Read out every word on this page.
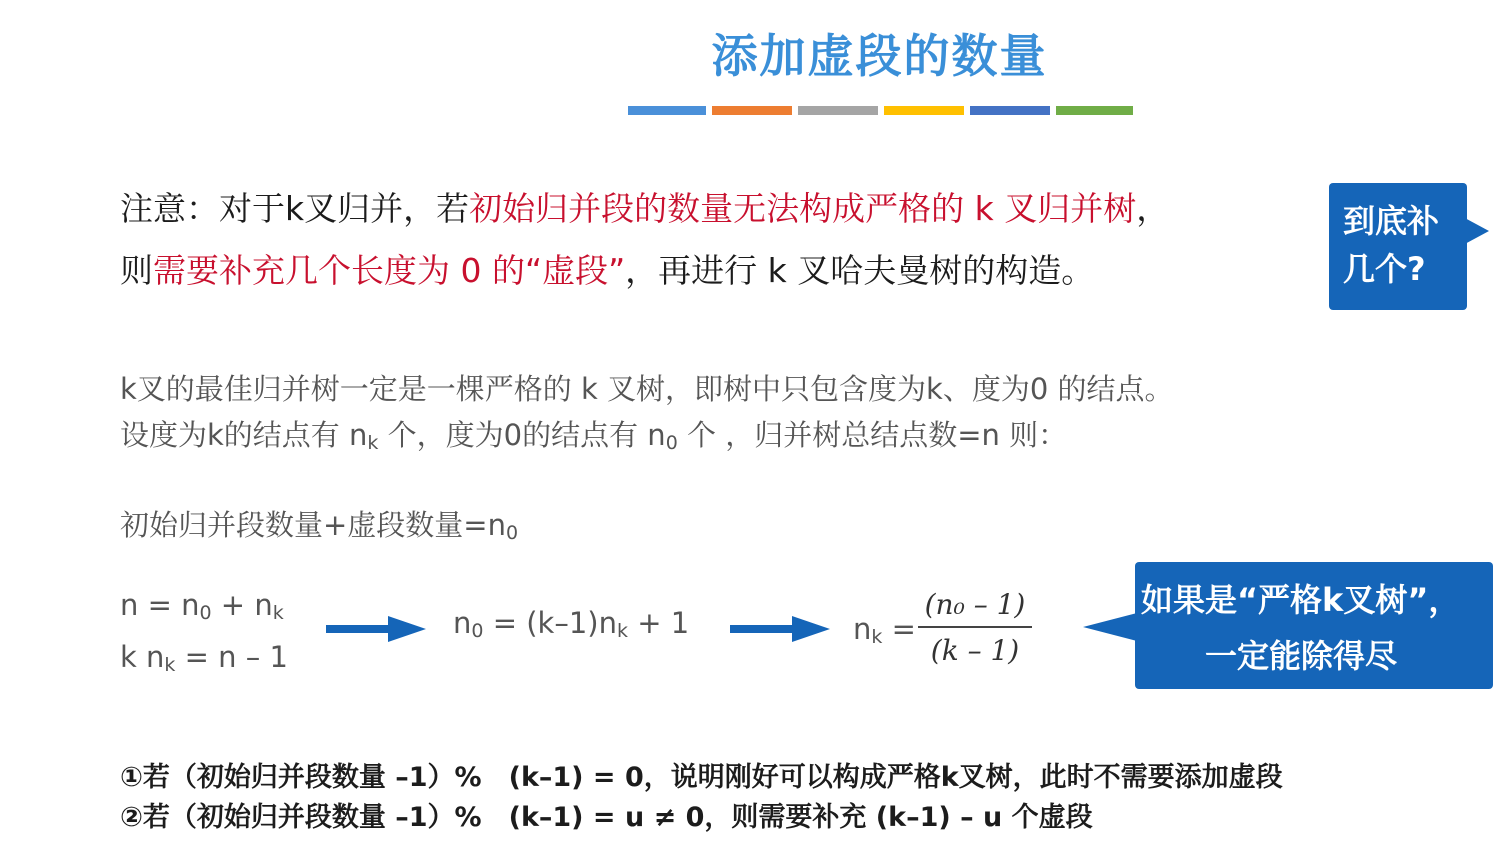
添加虚段的数量
注意：对于k叉归并，若初始归并段的数量无法构成严格的 k 叉归并树，
则需要补充几个长度为 0 的“虚段”，再进行 k 叉哈夫曼树的构造。
到底补
几个?
k叉的最佳归并树一定是一棵严格的 k 叉树，即树中只包含度为k、度为0 的结点。
设度为k的结点有 $n_k$ 个，度为0的结点有 $n_0$ 个 ，归并树总结点数=n 则：
初始归并段数量+虚段数量$=n_0$
$n = n_0 + n_k$
k $n_k = n - 1$
$n_0 = (k-1)n_k + 1$	$n_k$ =
(n₀ – 1)
(k – 1)
如果是“严格k叉树”，
一定能除得尽
①若（初始归并段数量 –1）%　(k–1) = 0，说明刚好可以构成严格k叉树，此时不需要添加虚段
②若（初始归并段数量 –1）%　(k–1) = u ≠ 0，则需要补充 (k–1) – u 个虚段
